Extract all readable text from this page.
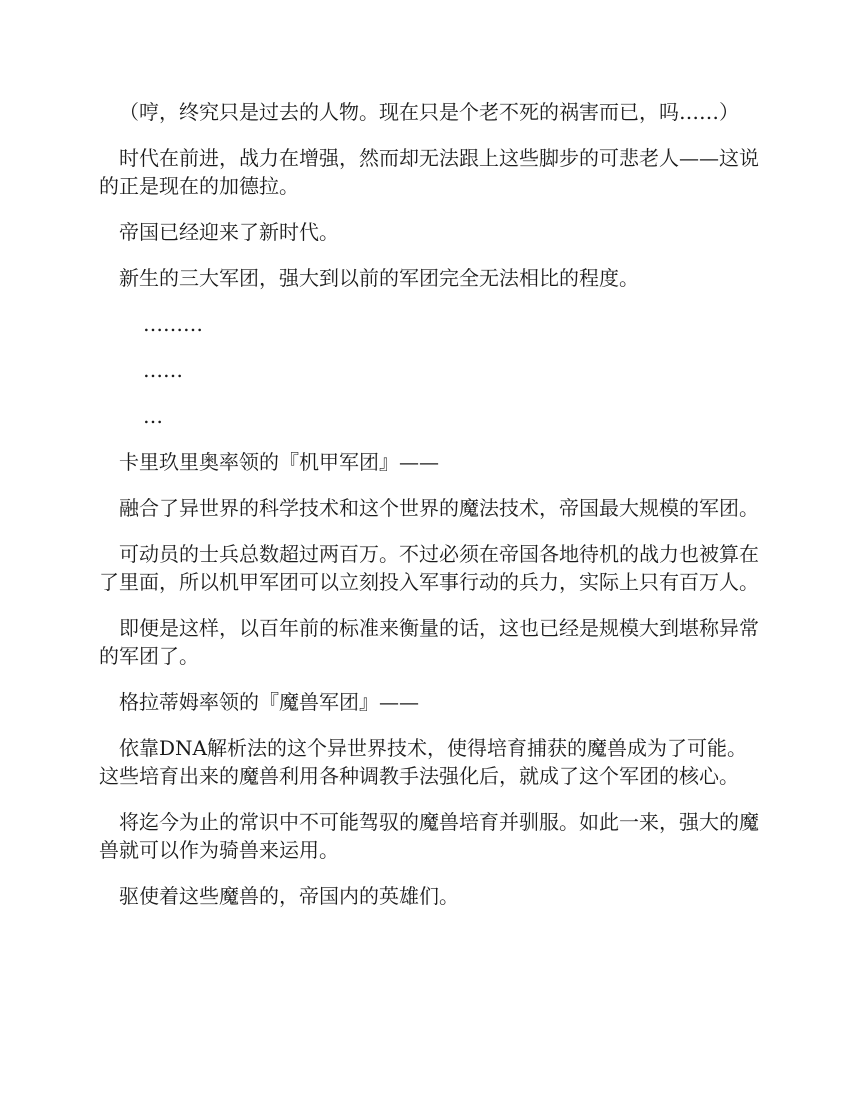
（哼，终究只是过去的人物。现在只是个老不死的祸害而已，吗……）

时代在前进，战力在增强，然而却无法跟上这些脚步的可悲老人——这说的正是现在的加德拉。

帝国已经迎来了新时代。

新生的三大军团，强大到以前的军团完全无法相比的程度。

………

……

…

卡里玖里奥率领的『机甲军团』——

融合了异世界的科学技术和这个世界的魔法技术，帝国最大规模的军团。

可动员的士兵总数超过两百万。不过必须在帝国各地待机的战力也被算在了里面，所以机甲军团可以立刻投入军事行动的兵力，实际上只有百万人。

即便是这样，以百年前的标准来衡量的话，这也已经是规模大到堪称异常的军团了。

格拉蒂姆率领的『魔兽军团』——

依靠DNA解析法的这个异世界技术，使得培育捕获的魔兽成为了可能。这些培育出来的魔兽利用各种调教手法强化后，就成了这个军团的核心。

将迄今为止的常识中不可能驾驭的魔兽培育并驯服。如此一来，强大的魔兽就可以作为骑兽来运用。

驱使着这些魔兽的，帝国内的英雄们。
